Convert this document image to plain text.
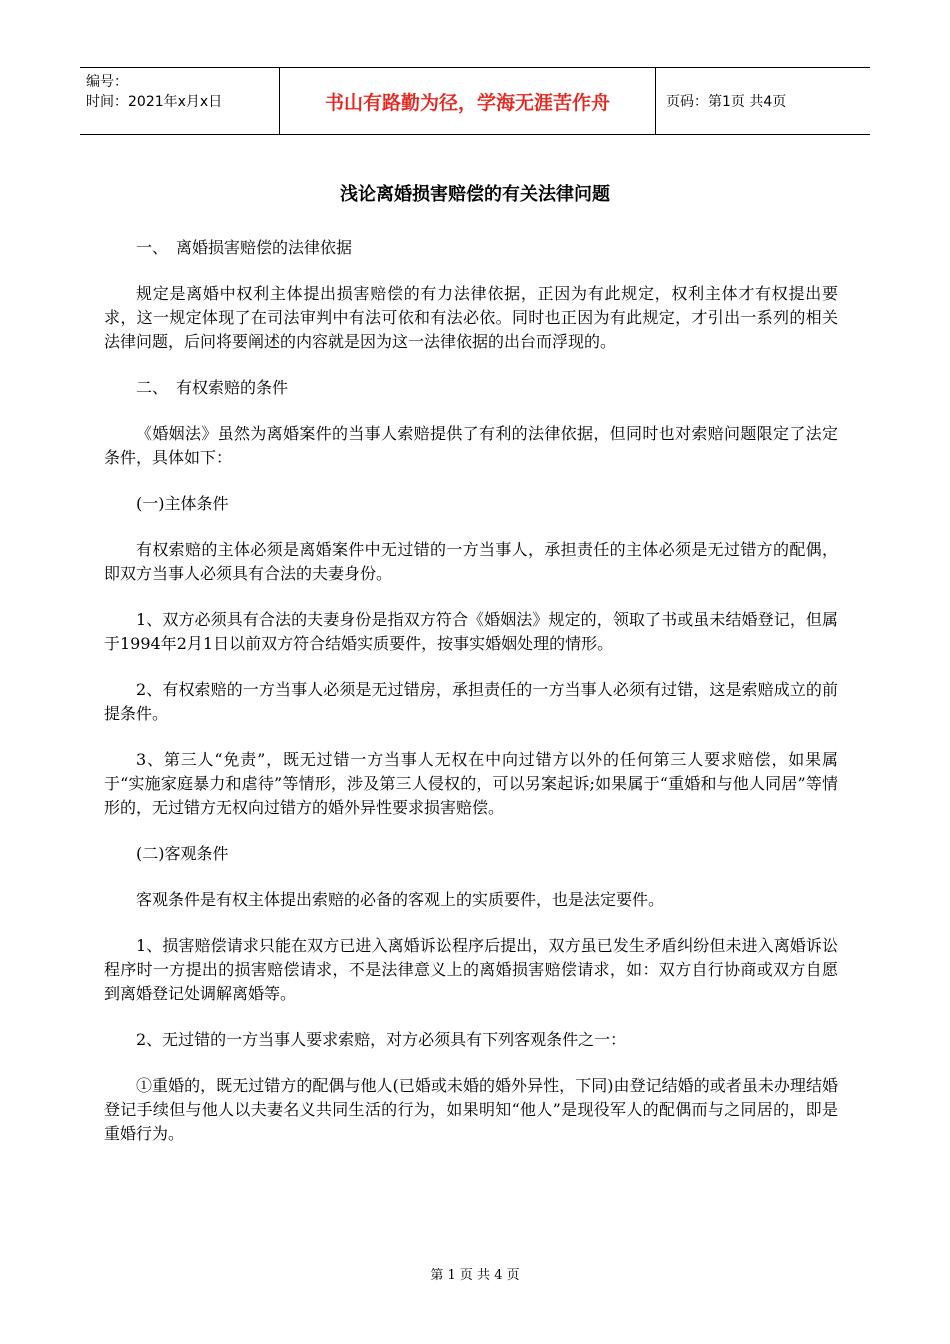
编号：
时间：2021年x月x日	书山有路勤为径，学海无涯苦作舟	页码：第1页 共4页
浅论离婚损害赔偿的有关法律问题

一、　离婚损害赔偿的法律依据

规定是离婚中权利主体提出损害赔偿的有力法律依据，正因为有此规定，权利主体才有权提出要求，这一规定体现了在司法审判中有法可依和有法必依。同时也正因为有此规定，才引出一系列的相关法律问题，后问将要阐述的内容就是因为这一法律依据的出台而浮现的。

二、　有权索赔的条件

《婚姻法》虽然为离婚案件的当事人索赔提供了有利的法律依据，但同时也对索赔问题限定了法定条件，具体如下：

(一)主体条件

有权索赔的主体必须是离婚案件中无过错的一方当事人，承担责任的主体必须是无过错方的配偶，即双方当事人必须具有合法的夫妻身份。

1、双方必须具有合法的夫妻身份是指双方符合《婚姻法》规定的，领取了书或虽未结婚登记，但属于1994年2月1日以前双方符合结婚实质要件，按事实婚姻处理的情形。

2、有权索赔的一方当事人必须是无过错房，承担责任的一方当事人必须有过错，这是索赔成立的前提条件。

3、第三人“免责”，既无过错一方当事人无权在中向过错方以外的任何第三人要求赔偿，如果属于“实施家庭暴力和虐待”等情形，涉及第三人侵权的，可以另案起诉;如果属于“重婚和与他人同居”等情形的，无过错方无权向过错方的婚外异性要求损害赔偿。

(二)客观条件

客观条件是有权主体提出索赔的必备的客观上的实质要件，也是法定要件。

1、损害赔偿请求只能在双方已进入离婚诉讼程序后提出，双方虽已发生矛盾纠纷但未进入离婚诉讼程序时一方提出的损害赔偿请求，不是法律意义上的离婚损害赔偿请求，如：双方自行协商或双方自愿到离婚登记处调解离婚等。

2、无过错的一方当事人要求索赔，对方必须具有下列客观条件之一：

①重婚的，既无过错方的配偶与他人(已婚或未婚的婚外异性，下同)由登记结婚的或者虽未办理结婚登记手续但与他人以夫妻名义共同生活的行为，如果明知“他人”是现役军人的配偶而与之同居的，即是重婚行为。

第 1 页 共 4 页
